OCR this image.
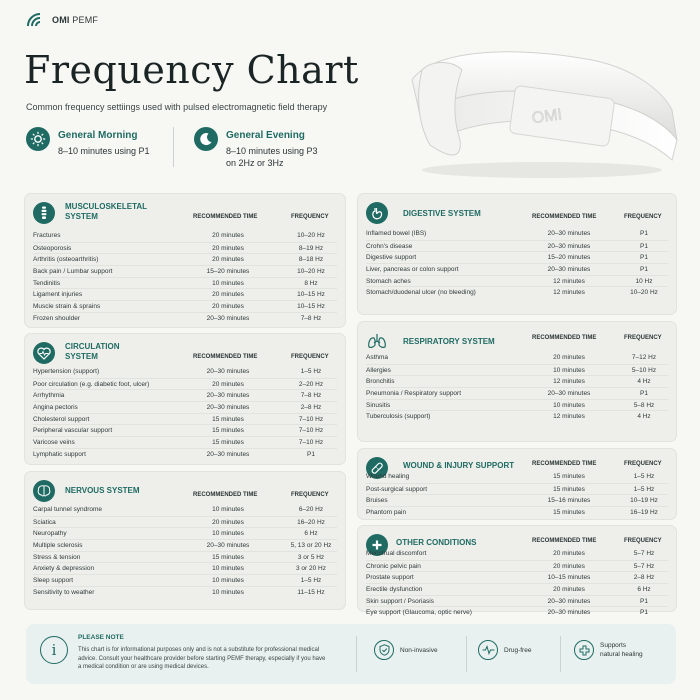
OMI PEMF
Frequency Chart
Common frequency settiings used with pulsed electromagnetic field therapy
General Morning
8–10 minutes using P1
General Evening
8–10 minutes using P3
on 2Hz or 3Hz
OMI
MUSCULOSKELETAL
SYSTEM	RECOMMENDED TIME	FREQUENCY
Fractures	20 minutes	10–20 Hz
Osteoporosis	20 minutes	8–19 Hz
Arthritis (osteoarthritis)	20 minutes	8–18 Hz
Back pain / Lumbar support	15–20 minutes	10–20 Hz
Tendinitis	10 minutes	8 Hz
Ligament injuries	20 minutes	10–15 Hz
Muscle strain & sprains	20 minutes	10–15 Hz
Frozen shoulder	20–30 minutes	7–8 Hz
CIRCULATION
SYSTEM	RECOMMENDED TIME	FREQUENCY
Hypertension (support)	20–30 minutes	1–5 Hz
Poor circulation (e.g. diabetic foot, ulcer)	20 minutes	2–20 Hz
Arrhythmia	20–30 minutes	7–8 Hz
Angina pectoris	20–30 minutes	2–8 Hz
Cholesterol support	15 minutes	7–10 Hz
Peripheral vascular support	15 minutes	7–10 Hz
Varicose veins	15 minutes	7–10 Hz
Lymphatic support	20–30 minutes	P1
NERVOUS SYSTEM	RECOMMENDED TIME	FREQUENCY
Carpal tunnel syndrome	10 minutes	6–20 Hz
Sciatica	20 minutes	16–20 Hz
Neuropathy	10 minutes	6 Hz
Multiple sclerosis	20–30 minutes	5, 13 or 20 Hz
Stress & tension	15 minutes	3 or 5 Hz
Anxiety & depression	10 minutes	3 or 20 Hz
Sleep support	10 minutes	1–5 Hz
Sensitivity to weather	10 minutes	11–15 Hz
DIGESTIVE SYSTEM	RECOMMENDED TIME	FREQUENCY
Inflamed bowel (IBS)	20–30 minutes	P1
Crohn's disease	20–30 minutes	P1
Digestive support	15–20 minutes	P1
Liver, pancreas or colon support	20–30 minutes	P1
Stomach aches	12 minutes	10 Hz
Stomach/duodenal ulcer (no bleeding)	12 minutes	10–20 Hz
RESPIRATORY SYSTEM	RECOMMENDED TIME	FREQUENCY
Asthma	20 minutes	7–12 Hz
Allergies	10 minutes	5–10 Hz
Bronchitis	12 minutes	4 Hz
Pneumonia / Respiratory support	20–30 minutes	P1
Sinusitis	10 minutes	5–8 Hz
Tuberculosis (support)	12 minutes	4 Hz
WOUND & INJURY SUPPORT	RECOMMENDED TIME	FREQUENCY
Wound healing	15 minutes	1–5 Hz
Post-surgical support	15 minutes	1–5 Hz
Bruises	15–16 minutes	10–19 Hz
Phantom pain	15 minutes	16–19 Hz
OTHER CONDITIONS	RECOMMENDED TIME	FREQUENCY
Menstrual discomfort	20 minutes	5–7 Hz
Chronic pelvic pain	20 minutes	5–7 Hz
Prostate support	10–15 minutes	2–8 Hz
Erectile dysfunction	20 minutes	6 Hz
Skin support / Psoriasis	20–30 minutes	P1
Eye support (Glaucoma, optic nerve)	20–30 minutes	P1
i
PLEASE NOTE
This chart is for informational purposes only and is not a substitute for professional medical advice. Consult your healthcare provider before starting PEMF therapy, especially if you have a medical condition or are using medical devices.
Non-invasive	Drug-free
Supports
natural healing
